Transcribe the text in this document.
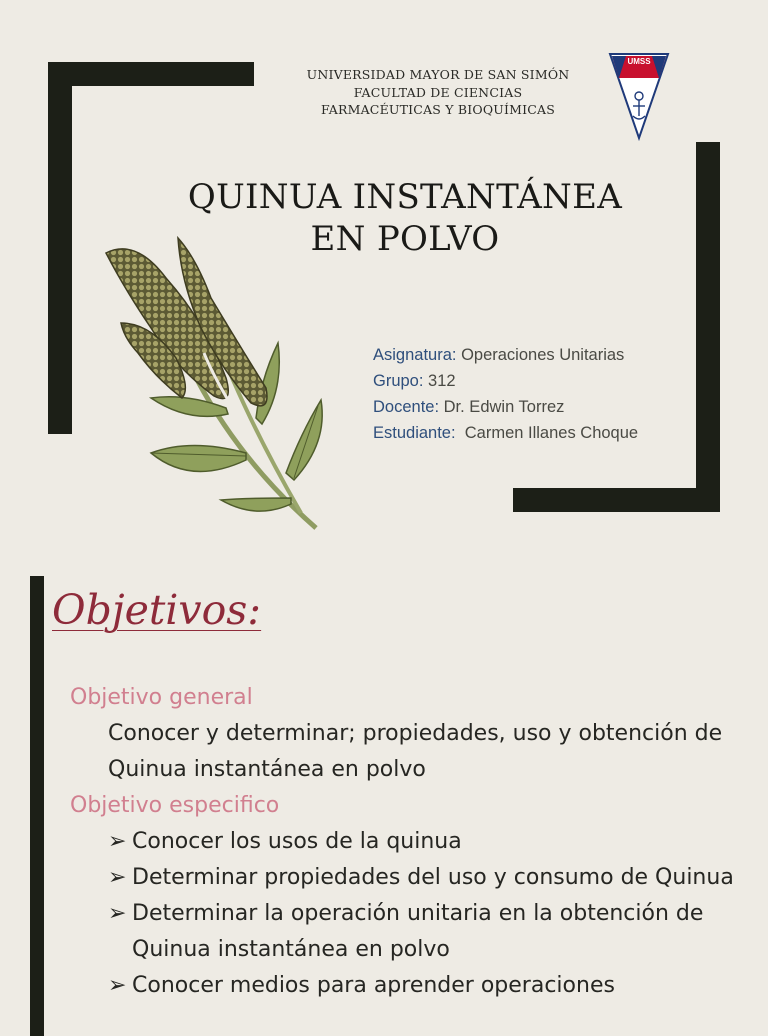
UNIVERSIDAD MAYOR DE SAN SIMÓN
FACULTAD DE CIENCIAS
FARMACÉUTICAS Y BIOQUÍMICAS
UMSS
QUINUA INSTANTÁNEA
EN POLVO
Asignatura: Operaciones Unitarias
Grupo: 312
Docente: Dr. Edwin Torrez
Estudiante: Carmen Illanes Choque
Objetivos:
Objetivo general
Conocer y determinar; propiedades, uso y obtención de Quinua instantánea en polvo
Objetivo especifico
➢ Conocer los usos de la quinua
➢ Determinar propiedades del uso y consumo de Quinua
➢ Determinar la operación unitaria en la obtención de Quinua instantánea en polvo
➢ Conocer medios para aprender operaciones
